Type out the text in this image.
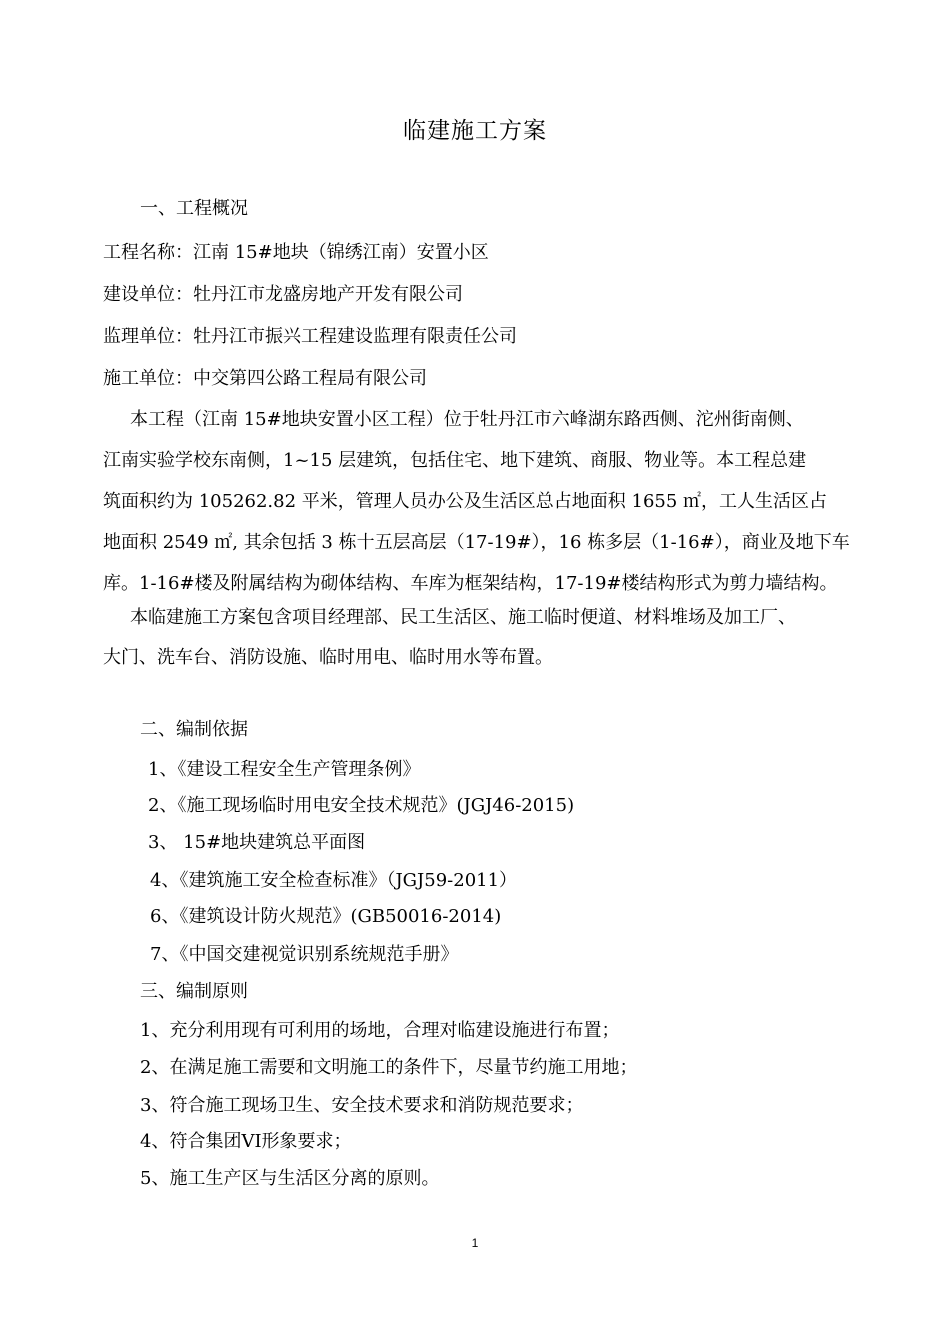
临建施工方案
一、工程概况
工程名称：江南 15#地块（锦绣江南）安置小区
建设单位：牡丹江市龙盛房地产开发有限公司
监理单位：牡丹江市振兴工程建设监理有限责任公司
施工单位：中交第四公路工程局有限公司
本工程（江南 15#地块安置小区工程）位于牡丹江市六峰湖东路西侧、沱州街南侧、
江南实验学校东南侧，1~15 层建筑，包括住宅、地下建筑、商服、物业等。本工程总建
筑面积约为 105262.82 平米，管理人员办公及生活区总占地面积 1655 ㎡，工人生活区占
地面积 2549 ㎡, 其余包括 3 栋十五层高层（17-19#），16 栋多层（1-16#），商业及地下车
库。1-16#楼及附属结构为砌体结构、车库为框架结构，17-19#楼结构形式为剪力墙结构。
本临建施工方案包含项目经理部、民工生活区、施工临时便道、材料堆场及加工厂、
大门、洗车台、消防设施、临时用电、临时用水等布置。
二、编制依据
1、《建设工程安全生产管理条例》
2、《施工现场临时用电安全技术规范》(JGJ46-2015)
3、 15#地块建筑总平面图
4、《建筑施工安全检查标准》（JGJ59-2011）
6、《建筑设计防火规范》(GB50016-2014)
7、《中国交建视觉识别系统规范手册》
三、编制原则
1、充分利用现有可利用的场地，合理对临建设施进行布置；
2、在满足施工需要和文明施工的条件下，尽量节约施工用地；
3、符合施工现场卫生、安全技术要求和消防规范要求；
4、符合集团VI形象要求；
5、施工生产区与生活区分离的原则。
1
